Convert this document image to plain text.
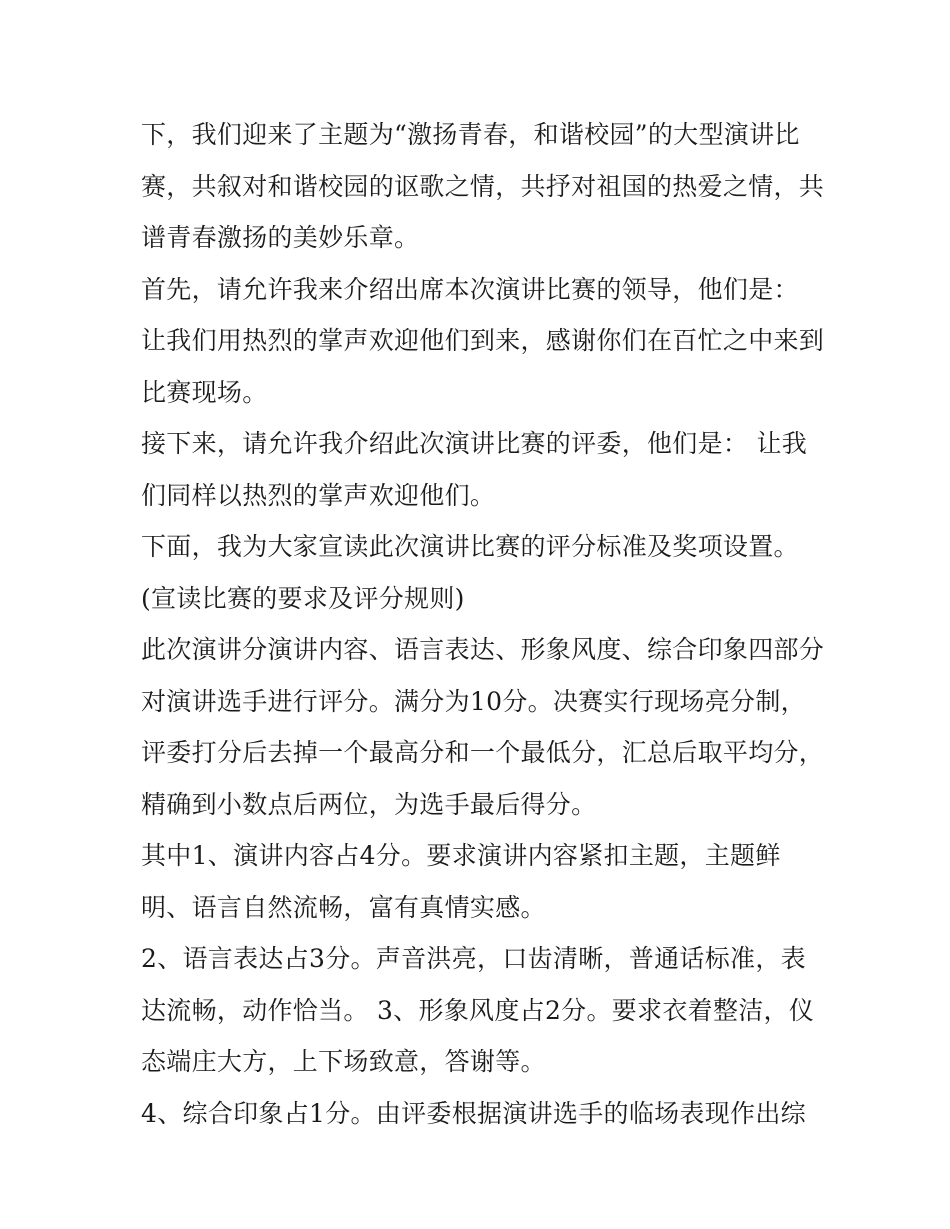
下，我们迎来了主题为“激扬青春，和谐校园”的大型演讲比
赛，共叙对和谐校园的讴歌之情，共抒对祖国的热爱之情，共
谱青春激扬的美妙乐章。
首先，请允许我来介绍出席本次演讲比赛的领导，他们是：
让我们用热烈的掌声欢迎他们到来，感谢你们在百忙之中来到
比赛现场。
接下来，请允许我介绍此次演讲比赛的评委，他们是： 让我
们同样以热烈的掌声欢迎他们。
下面，我为大家宣读此次演讲比赛的评分标准及奖项设置。
(宣读比赛的要求及评分规则)
此次演讲分演讲内容、语言表达、形象风度、综合印象四部分
对演讲选手进行评分。满分为10分。决赛实行现场亮分制，
评委打分后去掉一个最高分和一个最低分，汇总后取平均分，
精确到小数点后两位，为选手最后得分。
其中1、演讲内容占4分。要求演讲内容紧扣主题，主题鲜
明、语言自然流畅，富有真情实感。
2、语言表达占3分。声音洪亮，口齿清晰，普通话标准，表
达流畅，动作恰当。 3、形象风度占2分。要求衣着整洁，仪
态端庄大方，上下场致意，答谢等。
4、综合印象占1分。由评委根据演讲选手的临场表现作出综
